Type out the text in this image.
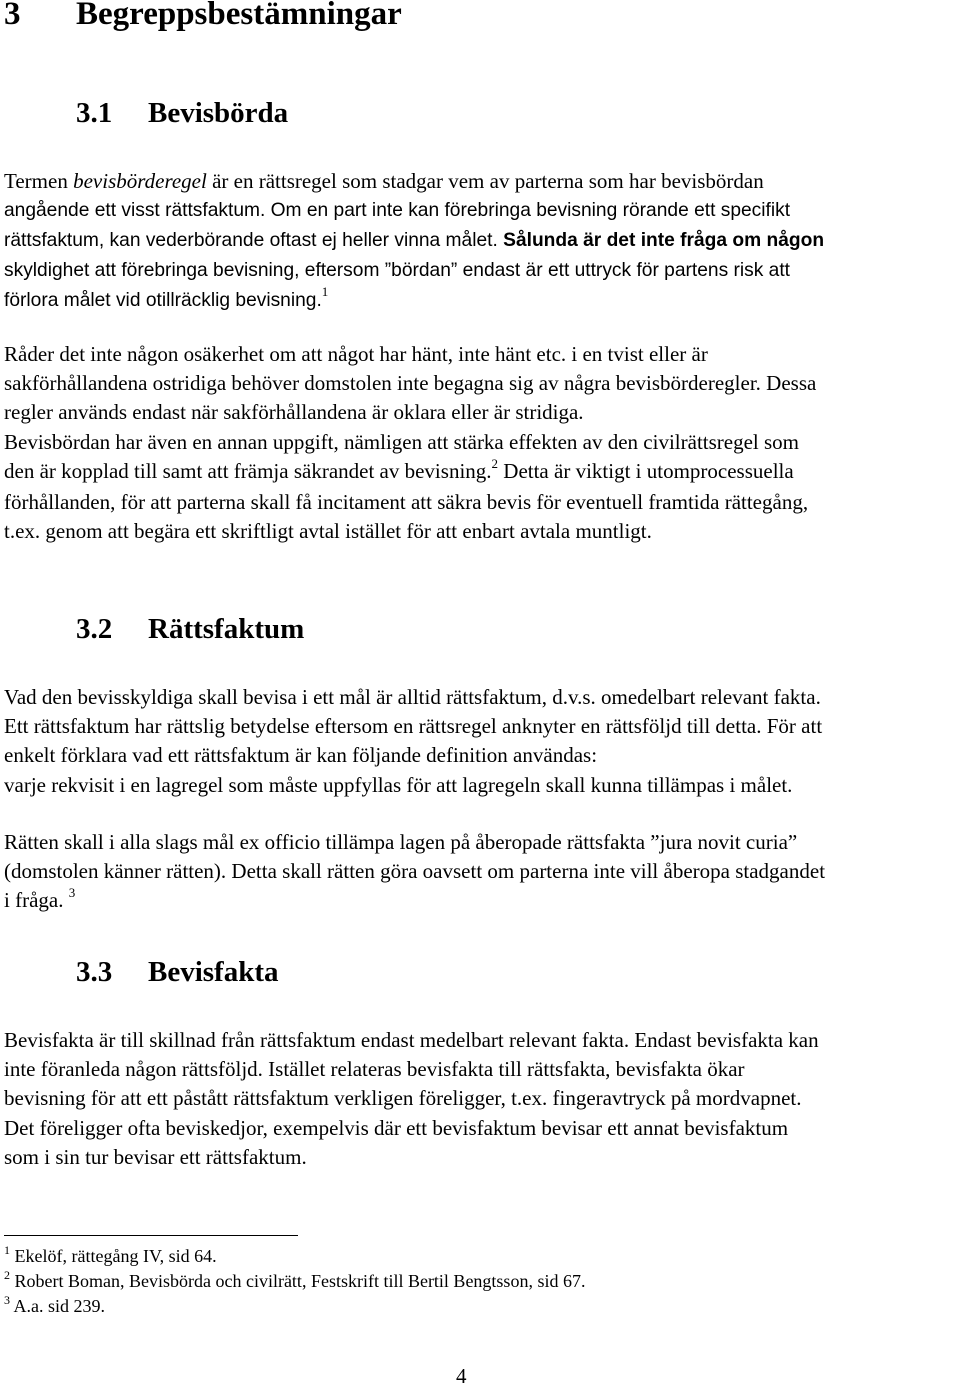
3 Begreppsbestämningar
3.1 Bevisbörda
Termen bevisbörderegel är en rättsregel som stadgar vem av parterna som har bevisbördan
angående ett visst rättsfaktum. Om en part inte kan förebringa bevisning rörande ett specifikt
rättsfaktum, kan vederbörande oftast ej heller vinna målet. Sålunda är det inte fråga om någon
skyldighet att förebringa bevisning, eftersom ”bördan” endast är ett uttryck för partens risk att
förlora målet vid otillräcklig bevisning.$^1$
Råder det inte någon osäkerhet om att något har hänt, inte hänt etc. i en tvist eller är
sakförhållandena ostridiga behöver domstolen inte begagna sig av några bevisbörderegler. Dessa
regler används endast när sakförhållandena är oklara eller är stridiga.
Bevisbördan har även en annan uppgift, nämligen att stärka effekten av den civilrättsregel som
den är kopplad till samt att främja säkrandet av bevisning.$^2$ Detta är viktigt i utomprocessuella
förhållanden, för att parterna skall få incitament att säkra bevis för eventuell framtida rättegång,
t.ex. genom att begära ett skriftligt avtal istället för att enbart avtala muntligt.
3.2 Rättsfaktum
Vad den bevisskyldiga skall bevisa i ett mål är alltid rättsfaktum, d.v.s. omedelbart relevant fakta.
Ett rättsfaktum har rättslig betydelse eftersom en rättsregel anknyter en rättsföljd till detta. För att
enkelt förklara vad ett rättsfaktum är kan följande definition användas:
varje rekvisit i en lagregel som måste uppfyllas för att lagregeln skall kunna tillämpas i målet.
Rätten skall i alla slags mål ex officio tillämpa lagen på åberopade rättsfakta ”jura novit curia”
(domstolen känner rätten). Detta skall rätten göra oavsett om parterna inte vill åberopa stadgandet
i fråga. $^3$
3.3 Bevisfakta
Bevisfakta är till skillnad från rättsfaktum endast medelbart relevant fakta. Endast bevisfakta kan
inte föranleda någon rättsföljd. Istället relateras bevisfakta till rättsfakta, bevisfakta ökar
bevisning för att ett påstått rättsfaktum verkligen föreligger, t.ex. fingeravtryck på mordvapnet.
Det föreligger ofta beviskedjor, exempelvis där ett bevisfaktum bevisar ett annat bevisfaktum
som i sin tur bevisar ett rättsfaktum.
$^1$ Ekelöf, rättegång IV, sid 64.
$^2$ Robert Boman, Bevisbörda och civilrätt, Festskrift till Bertil Bengtsson, sid 67.
$^3$ A.a. sid 239.
4
